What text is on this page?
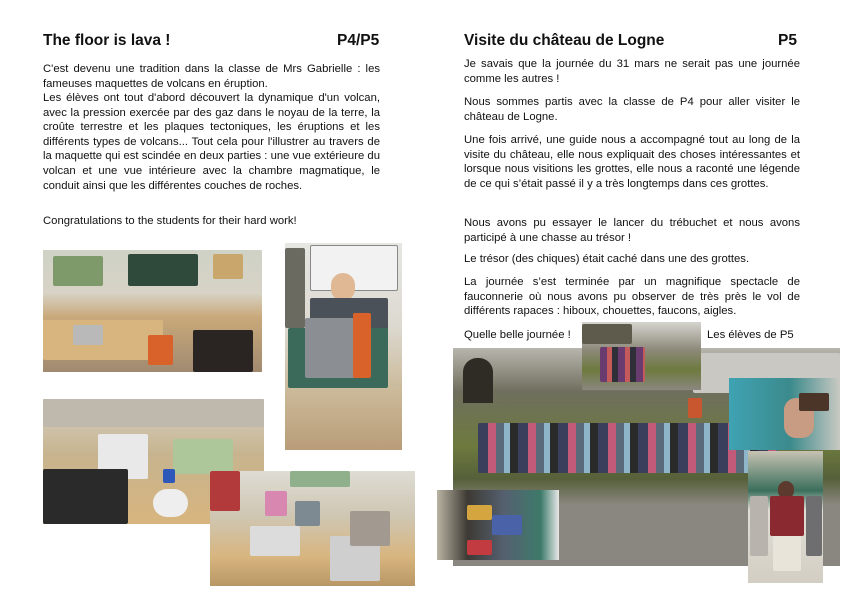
The floor is lava !	P4/P5
C'est devenu une tradition dans la classe de Mrs Gabrielle : les fameuses maquettes de volcans en éruption.
Les élèves ont tout d'abord découvert la dynamique d'un volcan, avec la pression exercée par des gaz dans le noyau de la terre, la croûte terrestre et les plaques tectoniques, les éruptions et les différents types de volcans... Tout cela pour l'illustrer au travers de la maquette qui est scindée en deux parties : une vue extérieure du volcan et une vue intérieure avec la chambre magmatique, le conduit ainsi que les différentes couches de roches.
Congratulations to the students for their hard work!
Visite du château de Logne	P5
Je savais que la journée du 31 mars ne serait pas une journée comme les autres !
Nous sommes partis avec la classe de P4 pour aller visiter le château de Logne.
Une fois arrivé, une guide nous a accompagné tout au long de la visite du château, elle nous expliquait des choses intéressantes et lorsque nous visitions les grottes, elle nous a raconté une légende de ce qui s’était passé il y a très longtemps dans ces grottes.
Nous avons pu essayer le lancer du trébuchet et nous avons participé à une chasse au trésor !
Le trésor (des chiques) était caché dans une des grottes.
La journée s’est terminée par un magnifique spectacle de fauconnerie où nous avons pu observer de très près le vol de différents rapaces : hiboux, chouettes, faucons, aigles.
Quelle belle journée !	Les élèves de P5
